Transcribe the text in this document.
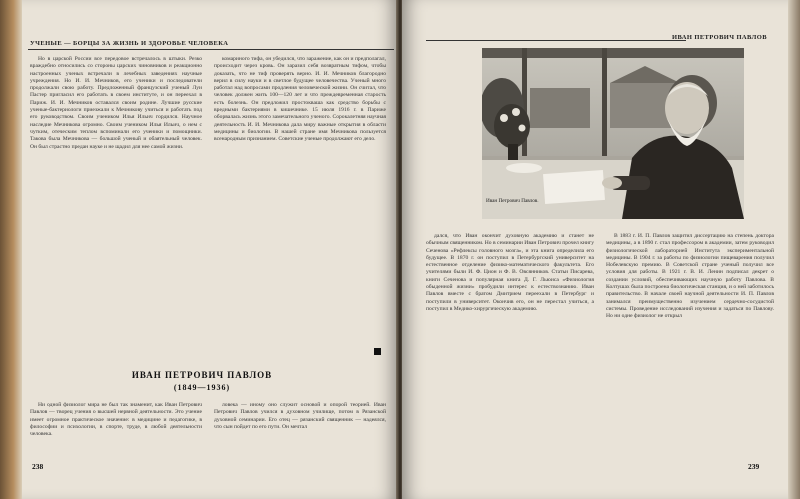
УЧЕНЫЕ — БОРЦЫ ЗА ЖИЗНЬ И ЗДОРОВЬЕ ЧЕЛОВЕКА

Но в царской России все передовое встречалось в штыки. Резко враждебно относились со стороны царских чиновников и реакционно настроенных ученых встречали в лечебных заведениях научные учреждения. Но И. И. Мечников, его ученики и последователи продолжали свою работу. Предложенный французский ученый Луи Пастер пригласил его работать в своем институте, и он переехал в Париж. И. И. Мечников оставался своим родине. Лучшие русские ученые-бактериологи приезжали к Мечникову учиться и работать под его руководством. Своим учеником Илья Ильич гордился. Научное наследие Мечникова огромно. Своим учеником Илья Ильич, о нем с чутким, отеческим теплом вспоминали его ученики и помощники. Такова была Мечникова — большой ученый и обаятельный человек. Он был страстно предан науке и не щадил для нее самой жизни.

комариного тифа, он убедился, что заражение, как он и предполагал, происходит через кровь. Он заразил себя возвратным тифом, чтобы доказать, что не тиф проверять верно. И. И. Мечников благородно верил в силу науки и в светлое будущее человечества. Ученый много работал над вопросами продления человеческой жизни. Он считал, что человек должен жить 100—120 лет и что преждевременная старость есть болезнь. Он предложил простокваша как средство борьбы с вредными бактериями в кишечнике. 15 июля 1916 г. в Париже оборвалась жизнь этого замечательного ученого. Сорокалетняя научная деятельность И. И. Мечникова дала миру важные открытия в области медицины и биологии. В нашей стране имя Мечникова пользуется всенародным признанием. Советские ученые продолжают его дело.

ИВАН ПЕТРОВИЧ ПАВЛОВ
(1849—1936)

Ни одной физиолог мира не был так знаменит, как Иван Петрович Павлов — творец учения о высшей нервной деятельности. Это учение имеет огромное практическое значение: в медицине и педагогике, в философии и психологии, в спорте, труде, в любой деятельности человека.

ловека — иному оно служит основой и опорой теорией. Иван Петрович Павлов учился в духовном училище, потом в Рязанской духовной семинарии. Его отец — рязанский священник — надеялся, что сын пойдет по его пути. Он мечтал

238
ИВАН ПЕТРОВИЧ ПАВЛОВ

дался, что Иван окончит духовную академию и станет не обычным священником. Но в семинарии Иван Петрович прочел книгу Сеченова «Рефлексы головного мозга», и эта книга определила его будущее. В 1870 г. он поступил в Петербургский университет на естественное отделение физико-математического факультета. Его учителями были И. Ф. Цион и Ф. В. Овсянников. Статьи Писарева, книги Сеченова и популярная книга Д. Г. Льюиса «Физиология обыденной жизни» пробудили интерес к естествознанию. Иван Павлов вместе с братом Дмитрием переехали в Петербург и поступили в университет. Окончив его, он не перестал учиться, а поступил в Медико-хирургическую академию.

В 1883 г. И. П. Павлов защитил диссертацию на степень доктора медицины, а в 1890 г. стал профессором в академии, затем руководил физиологической лабораторией Института экспериментальной медицины. В 1904 г. за работы по физиологии пищеварения получил Нобелевскую премию. В Советской стране ученый получил все условия для работы. В 1921 г. В. И. Ленин подписал декрет о создании условий, обеспечивающих научную работу Павлова. В Колтушах была построена биологическая станция, и о ней заботилось правительство. В начале своей научной деятельности И. П. Павлов занимался преимущественно изучением сердечно-сосудистой системы. Проведение исследований изучения и задаться по Павлову. Но ни одне физиолог не открыл

239
Иван Петрович Павлов.
